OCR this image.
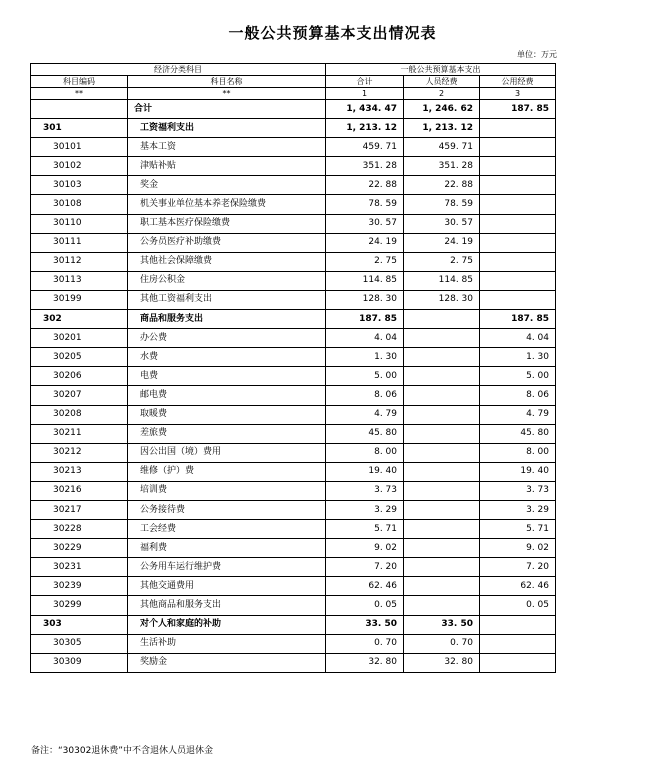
一般公共预算基本支出情况表
单位：万元
经济分类科目		一般公共预算基本支出		
科目编码	科目名称	合计	人员经费	公用经费
**	**	1	2	3
	合计	1, 434. 47	1, 246. 62	187. 85
301	工资福利支出	1, 213. 12	1, 213. 12	
30101	基本工资	459. 71	459. 71	
30102	津贴补贴	351. 28	351. 28	
30103	奖金	22. 88	22. 88	
30108	机关事业单位基本养老保险缴费	78. 59	78. 59	
30110	职工基本医疗保险缴费	30. 57	30. 57	
30111	公务员医疗补助缴费	24. 19	24. 19	
30112	其他社会保障缴费	2. 75	2. 75	
30113	住房公积金	114. 85	114. 85	
30199	其他工资福利支出	128. 30	128. 30	
302	商品和服务支出	187. 85		187. 85
30201	办公费	4. 04		4. 04
30205	水费	1. 30		1. 30
30206	电费	5. 00		5. 00
30207	邮电费	8. 06		8. 06
30208	取暖费	4. 79		4. 79
30211	差旅费	45. 80		45. 80
30212	因公出国（境）费用	8. 00		8. 00
30213	维修（护）费	19. 40		19. 40
30216	培训费	3. 73		3. 73
30217	公务接待费	3. 29		3. 29
30228	工会经费	5. 71		5. 71
30229	福利费	9. 02		9. 02
30231	公务用车运行维护费	7. 20		7. 20
30239	其他交通费用	62. 46		62. 46
30299	其他商品和服务支出	0. 05		0. 05
303	对个人和家庭的补助	33. 50	33. 50	
30305	生活补助	0. 70	0. 70	
30309	奖励金	32. 80	32. 80	
备注：“30302退休费”中不含退休人员退休金
